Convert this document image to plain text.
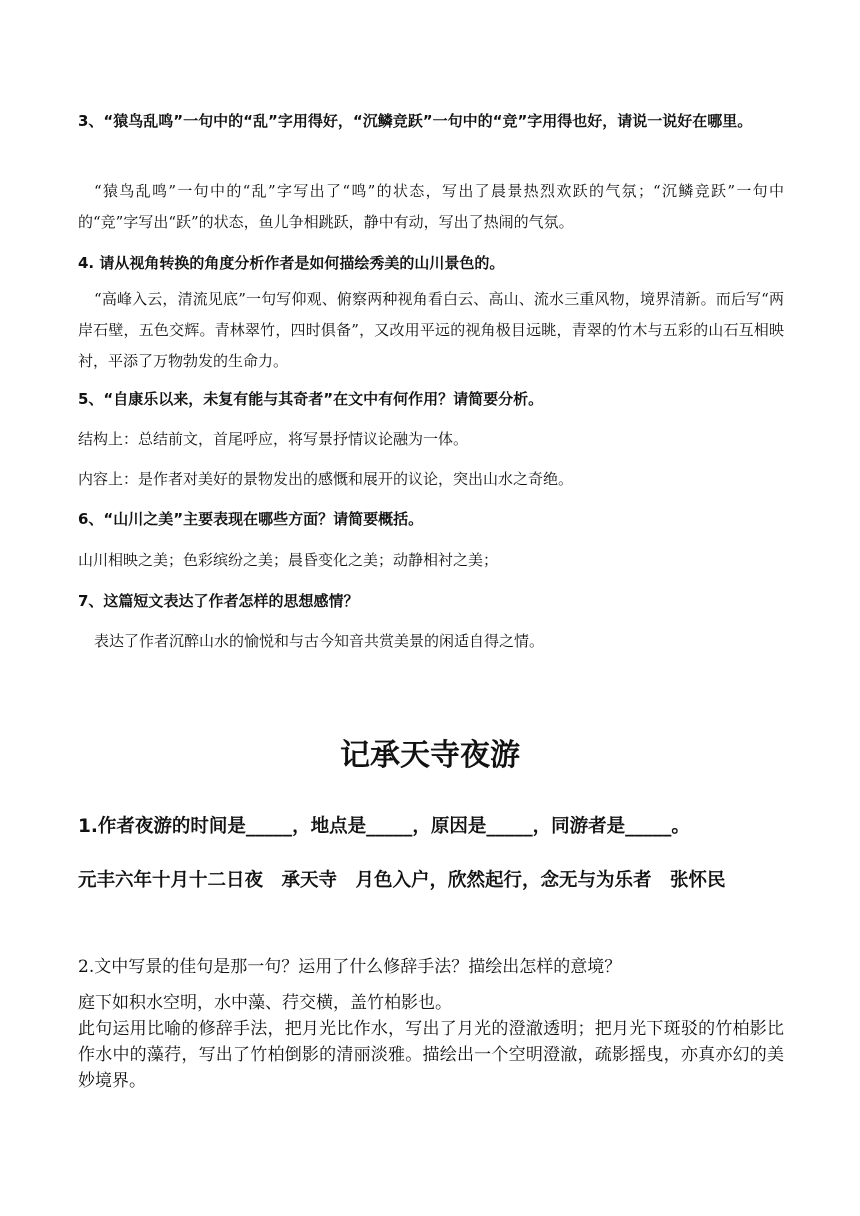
3、“猿鸟乱鸣”一句中的“乱”字用得好，“沉鳞竞跃”一句中的“竞”字用得也好，请说一说好在哪里。
“猿鸟乱鸣”一句中的“乱”字写出了“鸣”的状态，写出了晨景热烈欢跃的气氛；“沉鳞竞跃”一句中的“竞”字写出“跃”的状态，鱼儿争相跳跃，静中有动，写出了热闹的气氛。
4. 请从视角转换的角度分析作者是如何描绘秀美的山川景色的。
“高峰入云，清流见底”一句写仰观、俯察两种视角看白云、高山、流水三重风物，境界清新。而后写“两岸石壁，五色交辉。青林翠竹，四时俱备”，又改用平远的视角极目远眺，青翠的竹木与五彩的山石互相映衬，平添了万物勃发的生命力。
5、“自康乐以来，未复有能与其奇者”在文中有何作用？请简要分析。
结构上：总结前文，首尾呼应，将写景抒情议论融为一体。
内容上：是作者对美好的景物发出的感慨和展开的议论，突出山水之奇绝。
6、“山川之美”主要表现在哪些方面？请简要概括。
山川相映之美；色彩缤纷之美；晨昏变化之美；动静相衬之美；
7、这篇短文表达了作者怎样的思想感情？
表达了作者沉醉山水的愉悦和与古今知音共赏美景的闲适自得之情。
记承天寺夜游
1.作者夜游的时间是_____，地点是_____，原因是_____，同游者是_____。
元丰六年十月十二日夜　承天寺　月色入户，欣然起行，念无与为乐者　张怀民
2.文中写景的佳句是那一句？运用了什么修辞手法？描绘出怎样的意境？
庭下如积水空明，水中藻、荇交横，盖竹柏影也。
此句运用比喻的修辞手法，把月光比作水，写出了月光的澄澈透明；把月光下斑驳的竹柏影比作水中的藻荇，写出了竹柏倒影的清丽淡雅。描绘出一个空明澄澈，疏影摇曳，亦真亦幻的美妙境界。
